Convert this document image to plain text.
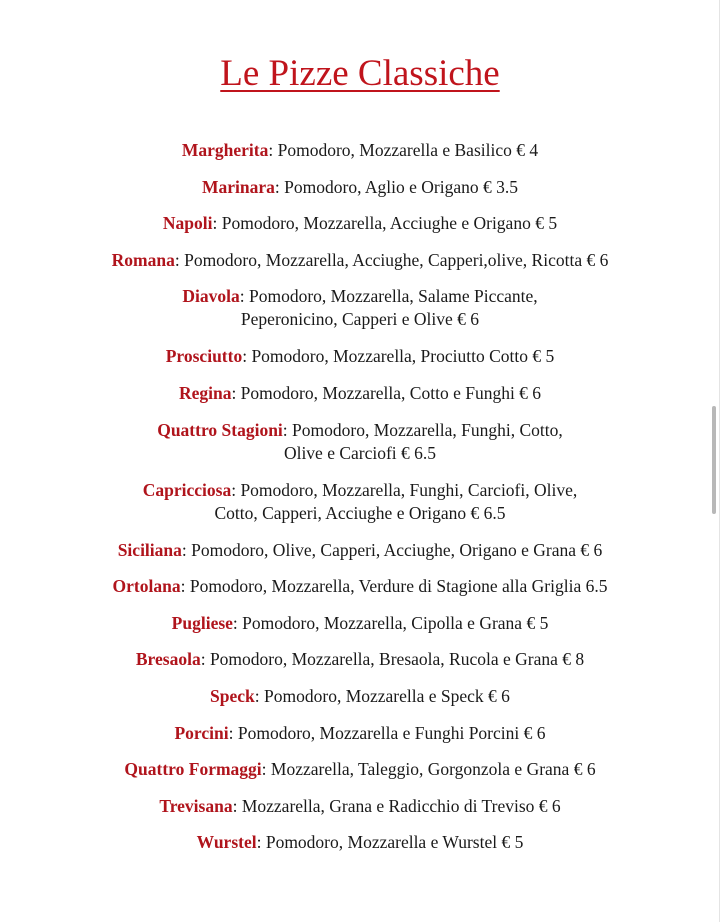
Le Pizze Classiche
Margherita: Pomodoro, Mozzarella e Basilico € 4
Marinara: Pomodoro, Aglio e Origano € 3.5
Napoli: Pomodoro, Mozzarella, Acciughe e Origano € 5
Romana: Pomodoro, Mozzarella, Acciughe, Capperi,olive, Ricotta € 6
Diavola: Pomodoro, Mozzarella, Salame Piccante,
Peperonicino, Capperi e Olive € 6
Prosciutto: Pomodoro, Mozzarella, Prociutto Cotto € 5
Regina: Pomodoro, Mozzarella, Cotto e Funghi € 6
Quattro Stagioni: Pomodoro, Mozzarella, Funghi, Cotto,
Olive e Carciofi € 6.5
Capricciosa: Pomodoro, Mozzarella, Funghi, Carciofi, Olive,
Cotto, Capperi, Acciughe e Origano € 6.5
Siciliana: Pomodoro, Olive, Capperi, Acciughe, Origano e Grana € 6
Ortolana: Pomodoro, Mozzarella, Verdure di Stagione alla Griglia 6.5
Pugliese: Pomodoro, Mozzarella, Cipolla e Grana € 5
Bresaola: Pomodoro, Mozzarella, Bresaola, Rucola e Grana € 8
Speck: Pomodoro, Mozzarella e Speck € 6
Porcini: Pomodoro, Mozzarella e Funghi Porcini € 6
Quattro Formaggi: Mozzarella, Taleggio, Gorgonzola e Grana € 6
Trevisana: Mozzarella, Grana e Radicchio di Treviso € 6
Wurstel: Pomodoro, Mozzarella e Wurstel € 5
